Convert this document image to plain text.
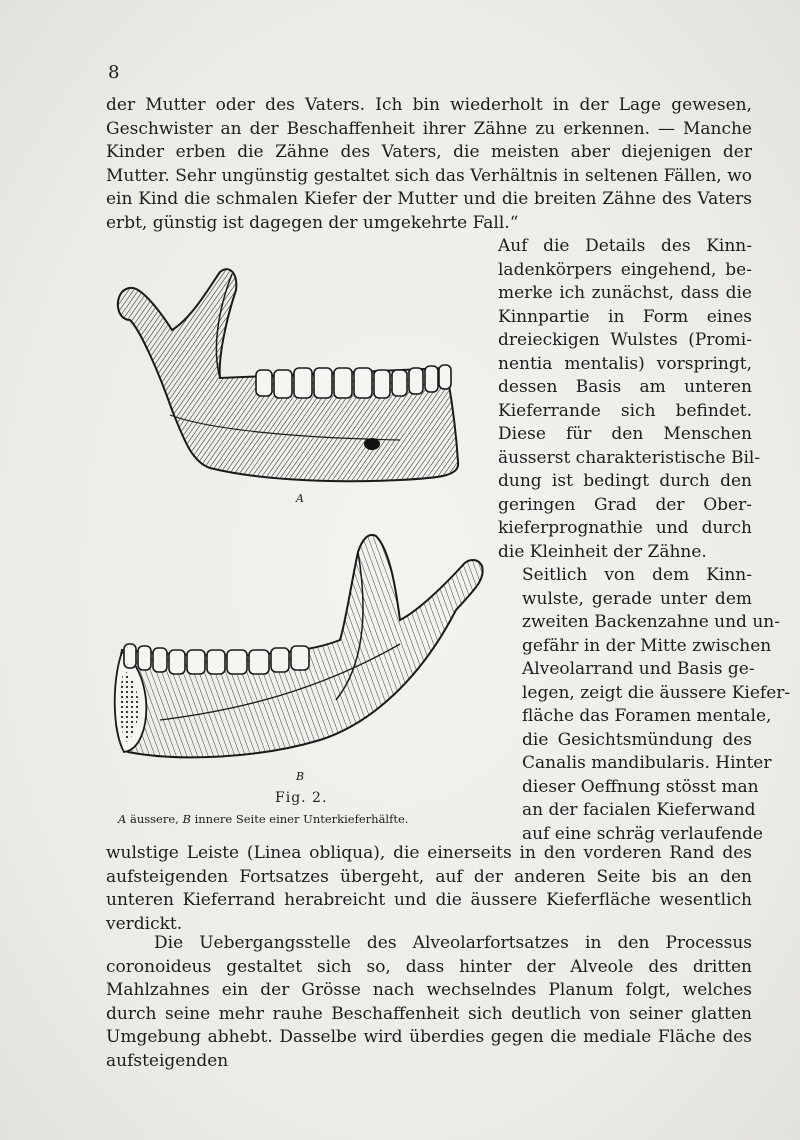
8

der Mutter oder des Vaters. Ich bin wiederholt in der Lage gewesen, Geschwister an der Beschaffenheit ihrer Zähne zu erkennen. — Manche Kinder erben die Zähne des Vaters, die meisten aber diejenigen der Mutter. Sehr ungünstig gestaltet sich das Verhältnis in seltenen Fällen, wo ein Kind die schmalen Kiefer der Mutter und die breiten Zähne des Vaters erbt, günstig ist dagegen der umgekehrte Fall.“

Auf die Details des Kinn-
ladenkörpers eingehend, be-
merke ich zunächst, dass die
Kinnpartie in Form eines
dreieckigen Wulstes (Promi-
nentia mentalis) vorspringt,
dessen Basis am unteren
Kieferrande sich befindet.
Diese für den Menschen
äusserst charakteristische Bil-
dung ist bedingt durch den
geringen Grad der Ober-
kieferprognathie und durch
die Kleinheit der Zähne.

Seitlich von dem Kinn-
wulste, gerade unter dem
zweiten Backenzahne und un-
gefähr in der Mitte zwischen
Alveolarrand und Basis ge-
legen, zeigt die äussere Kiefer-
fläche das Foramen mentale,
die Gesichtsmündung des
Canalis mandibularis. Hinter
dieser Oeffnung stösst man
an der facialen Kieferwand
auf eine schräg verlaufende

A
B
Fig. 2.
A äussere, B innere Seite einer Unterkieferhälfte.

wulstige Leiste (Linea obliqua), die einerseits in den vorderen Rand des aufsteigenden Fortsatzes übergeht, auf der anderen Seite bis an den unteren Kieferrand herabreicht und die äussere Kieferfläche wesentlich verdickt.

Die Uebergangsstelle des Alveolarfortsatzes in den Processus coronoideus gestaltet sich so, dass hinter der Alveole des dritten Mahlzahnes ein der Grösse nach wechselndes Planum folgt, welches durch seine mehr rauhe Beschaffenheit sich deutlich von seiner glatten Umgebung abhebt. Dasselbe wird überdies gegen die mediale Fläche des aufsteigenden
